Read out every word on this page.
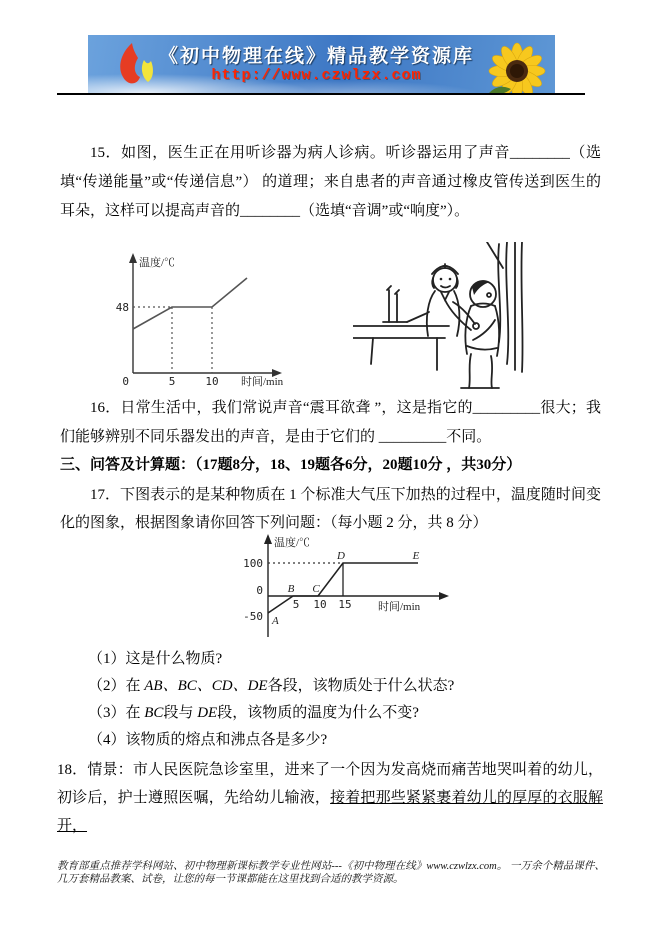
《初中物理在线》精品教学资源库
http://www.czwlzx.com
15．如图，医生正在用听诊器为病人诊病。听诊器运用了声音________（选填“传递能量”或“传递信息”） 的道理；来自患者的声音通过橡皮管传送到医生的 耳朵，这样可以提高声音的________（选填“音调”或“响度”）。
温度/℃
48
0	5	10 时间/min
16．日常生活中，我们常说声音“震耳欲聋 ”，这是指它的_________很大；我们能够辨别不同乐器发出的声音，是由于它们的 _________不同。
三、问答及计算题：（17题8分，18、19题各6分，20题10分 ，共30分）
17．下图表示的是某种物质在 1 个标准大气压下加热的过程中，温度随时间变化的图象，根据图象请你回答下列问题：（每小题 2 分，共 8 分）
温度/℃
100
0
-50
5 10 15 时间/min
A
B C
D	E
（1）这是什么物质?
（2）在 AB、BC、CD、DE各段，该物质处于什么状态?
（3）在 BC段与 DE段，该物质的温度为什么不变?
（4）该物质的熔点和沸点各是多少?
18．情景：市人民医院急诊室里，进来了一个因为发高烧而痛苦地哭叫着的幼儿，初诊后，护士遵照医嘱，先给幼儿输液，接着把那些紧紧裹着幼儿的厚厚的衣服解开，
教育部重点推荐学科网站、初中物理新课标教学专业性网站---《初中物理在线》www.czwlzx.com。 一万余个精品课件、几万套精品教案、试卷，让您的每一节课都能在这里找到合适的教学资源。
